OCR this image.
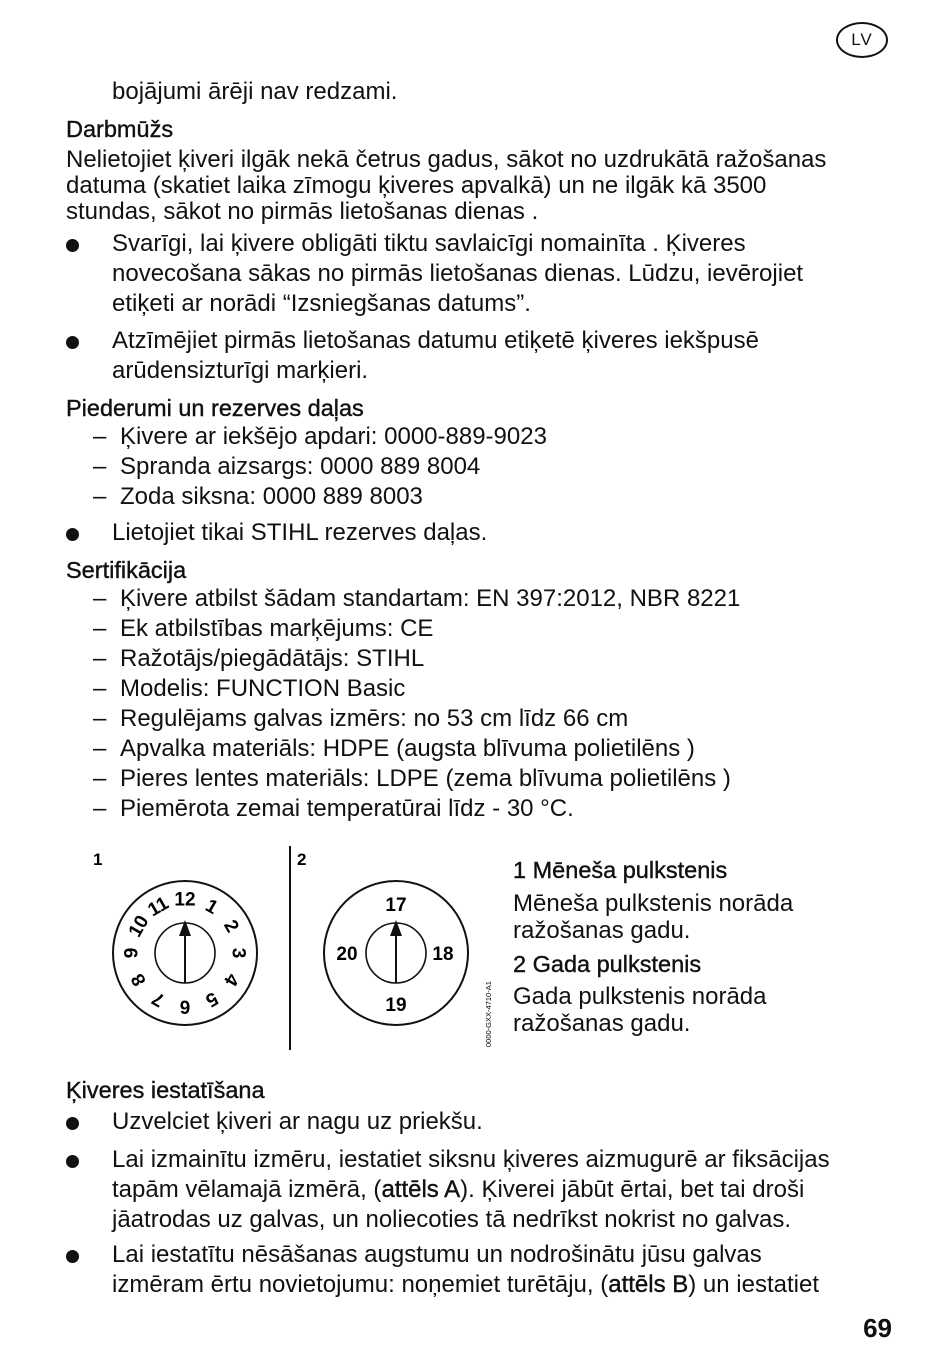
LV
bojājumi ārēji nav redzami.
Darbmūžs
Nelietojiet ķiveri ilgāk nekā četrus gadus, sākot no uzdrukātā ražošanas
datuma (skatiet laika zīmogu ķiveres apvalkā) un ne ilgāk kā 3500
stundas, sākot no pirmās lietošanas dienas .
Svarīgi, lai ķivere obligāti tiktu savlaicīgi nomainīta . Ķiveres
novecošana sākas no pirmās lietošanas dienas. Lūdzu, ievērojiet
etiķeti ar norādi “Izsniegšanas datums”.
Atzīmējiet pirmās lietošanas datumu etiķetē ķiveres iekšpusē
arūdensizturīgi marķieri.
Piederumi un rezerves daļas
– Ķivere ar iekšējo apdari: 0000-889-9023
– Spranda aizsargs: 0000 889 8004
– Zoda siksna: 0000 889 8003
Lietojiet tikai STIHL rezerves daļas.
Sertifikācija
– Ķivere atbilst šādam standartam: EN 397:2012, NBR 8221
– Ek atbilstības marķējums: CE
– Ražotājs/piegādātājs: STIHL
– Modelis: FUNCTION Basic
– Regulējams galvas izmērs: no 53 cm līdz 66 cm
– Apvalka materiāls: HDPE (augsta blīvuma polietilēns )
– Pieres lentes materiāls: LDPE (zema blīvuma polietilēns )
– Piemērota zemai temperatūrai līdz - 30 °C.
1	2
1
2
3
4
5
6
7
8
9
10
11 12	17
18
19
20
0000-GXX-4710-A1
1 Mēneša pulkstenis
Mēneša pulkstenis norāda
ražošanas gadu.
2 Gada pulkstenis
Gada pulkstenis norāda
ražošanas gadu.
Ķiveres iestatīšana
Uzvelciet ķiveri ar nagu uz priekšu.
Lai izmainītu izmēru, iestatiet siksnu ķiveres aizmugurē ar fiksācijas
tapām vēlamajā izmērā, (attēls A). Ķiverei jābūt ērtai, bet tai droši
jāatrodas uz galvas, un noliecoties tā nedrīkst nokrist no galvas.
Lai iestatītu nēsāšanas augstumu un nodrošinātu jūsu galvas
izmēram ērtu novietojumu: noņemiet turētāju, (attēls B) un iestatiet
69
